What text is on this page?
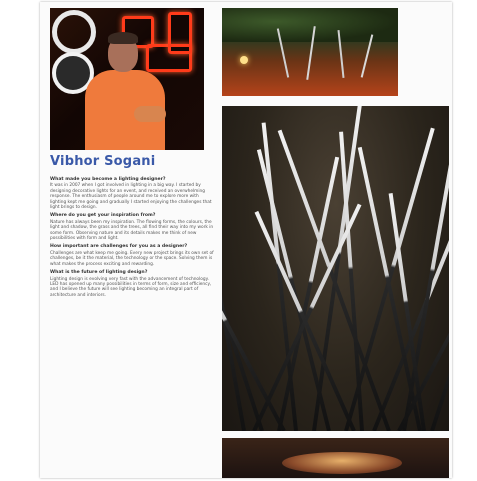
Vibhor Sogani
What made you become a lighting designer?
It was in 2007 when I got involved in lighting in a big way. I started by designing decorative lights for an event, and received an overwhelming response. The enthusiasm of people around me to explore more with lighting kept me going and gradually I started enjoying the challenges that light brings to design.
Where do you get your inspiration from?
Nature has always been my inspiration. The flowing forms, the colours, the light and shadow, the grass and the trees, all find their way into my work in some form. Observing nature and its details makes me think of new possibilities with form and light.
How important are challenges for you as a designer?
Challenges are what keep me going. Every new project brings its own set of challenges, be it the material, the technology or the space. Solving them is what makes the process exciting and rewarding.
What is the future of lighting design?
Lighting design is evolving very fast with the advancement of technology. LED has opened up many possibilities in terms of form, size and efficiency, and I believe the future will see lighting becoming an integral part of architecture and interiors.
